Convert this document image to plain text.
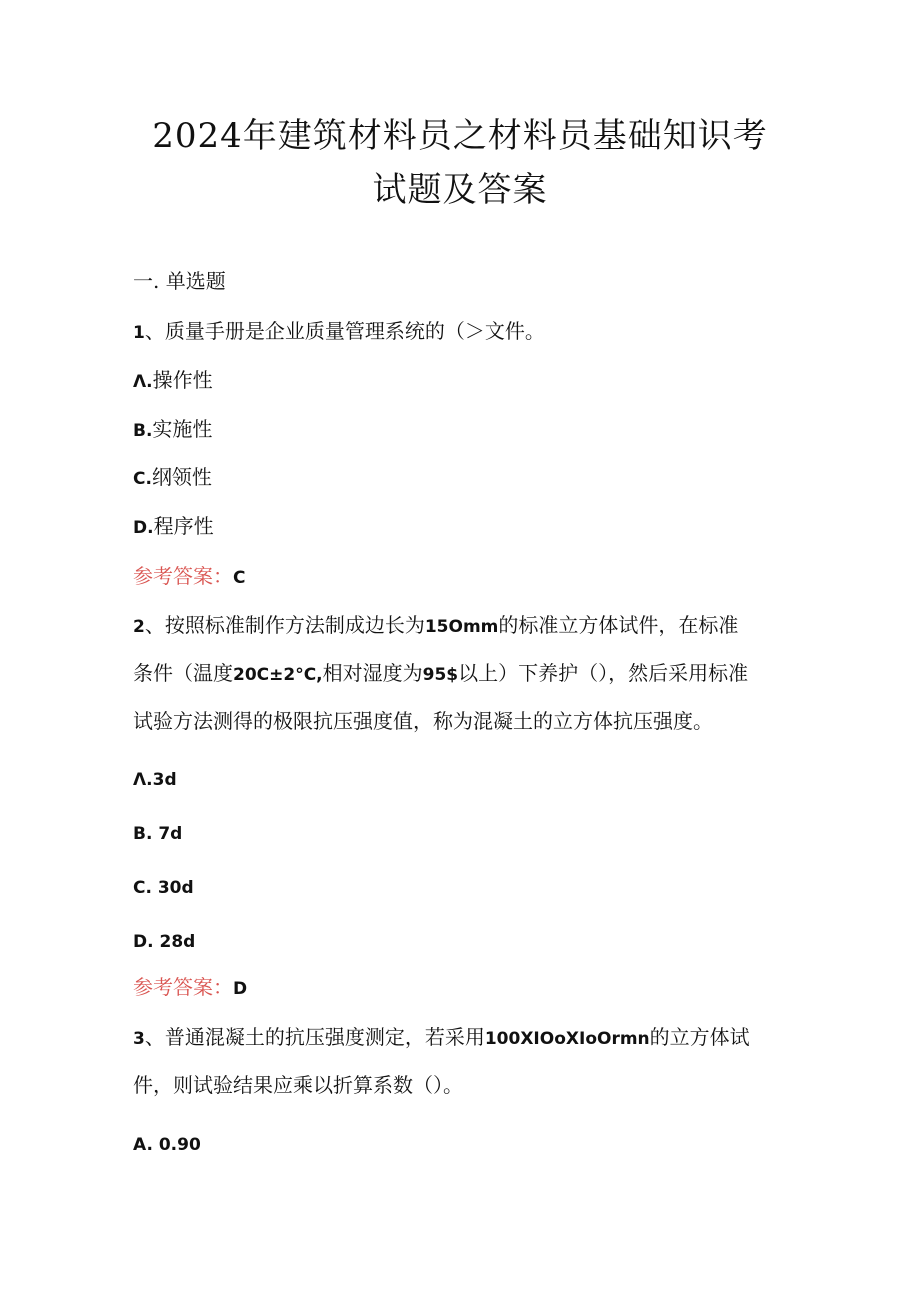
2024年建筑材料员之材料员基础知识考
试题及答案
一. 单选题
1、质量手册是企业质量管理系统的（＞文件。
Λ.操作性
B.实施性
C.纲领性
D.程序性
参考答案：C
2、按照标准制作方法制成边长为15Omm的标准立方体试件，在标准
条件（温度20C±2°C,相对湿度为95$以上）下养护（），然后采用标准
试验方法测得的极限抗压强度值，称为混凝土的立方体抗压强度。
Λ.3d
B. 7d
C. 30d
D. 28d
参考答案：D
3、普通混凝土的抗压强度测定，若采用100XIOoXIoOrmn的立方体试
件，则试验结果应乘以折算系数（）。
A. 0.90
